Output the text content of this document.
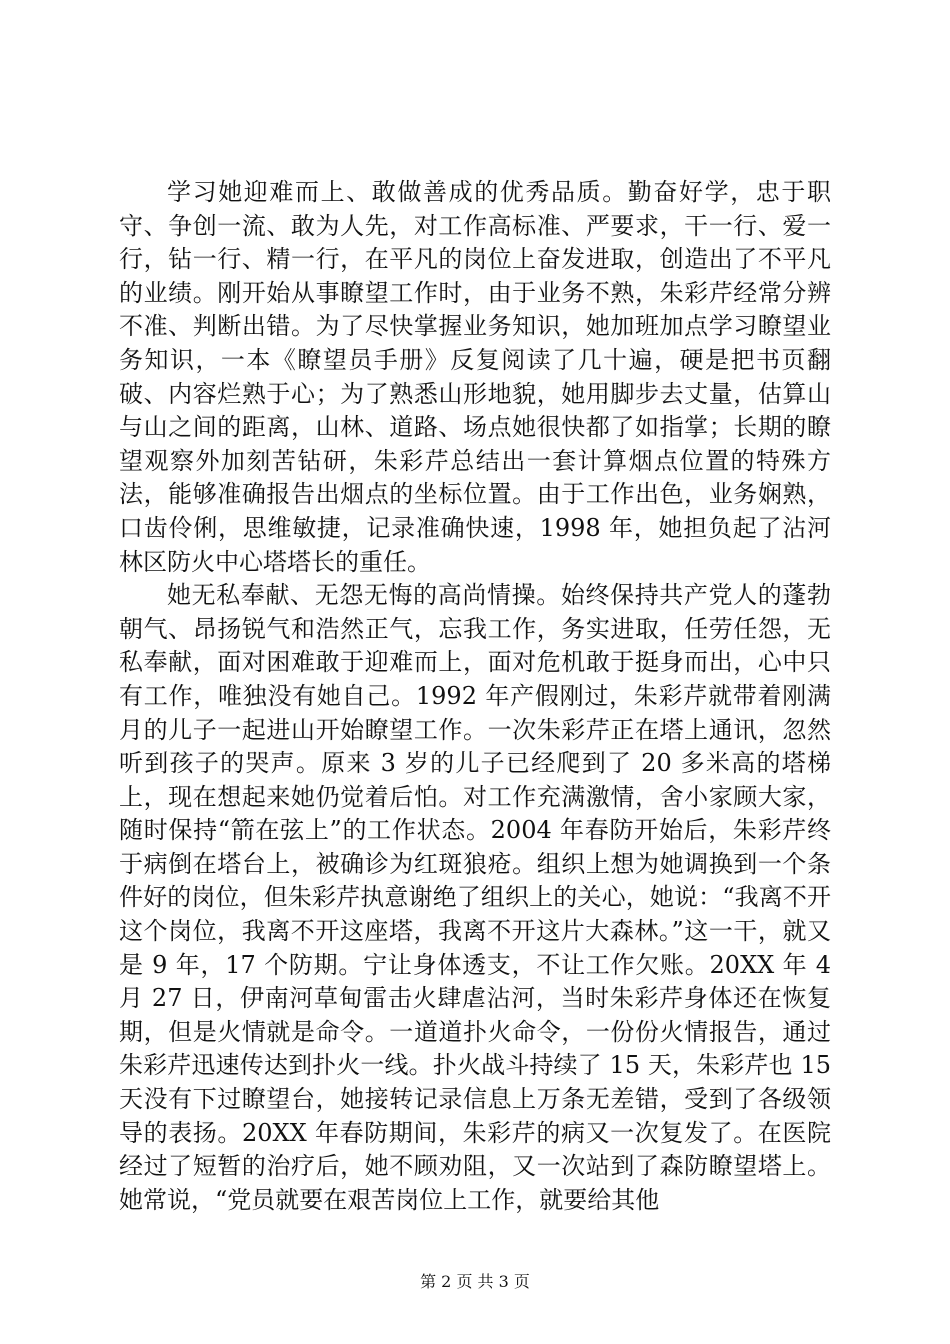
学习她迎难而上、敢做善成的优秀品质。勤奋好学，忠于职守、争创一流、敢为人先，对工作高标准、严要求，干一行、爱一行，钻一行、精一行，在平凡的岗位上奋发进取，创造出了不平凡的业绩。刚开始从事瞭望工作时，由于业务不熟，朱彩芹经常分辨不准、判断出错。为了尽快掌握业务知识，她加班加点学习瞭望业务知识，一本《瞭望员手册》反复阅读了几十遍，硬是把书页翻破、内容烂熟于心；为了熟悉山形地貌，她用脚步去丈量，估算山与山之间的距离，山林、道路、场点她很快都了如指掌；长期的瞭望观察外加刻苦钻研，朱彩芹总结出一套计算烟点位置的特殊方法，能够准确报告出烟点的坐标位置。由于工作出色，业务娴熟，口齿伶俐，思维敏捷，记录准确快速，1998 年，她担负起了沾河林区防火中心塔塔长的重任。

她无私奉献、无怨无悔的高尚情操。始终保持共产党人的蓬勃朝气、昂扬锐气和浩然正气，忘我工作，务实进取，任劳任怨，无私奉献，面对困难敢于迎难而上，面对危机敢于挺身而出，心中只有工作，唯独没有她自己。1992 年产假刚过，朱彩芹就带着刚满月的儿子一起进山开始瞭望工作。一次朱彩芹正在塔上通讯，忽然听到孩子的哭声。原来 3 岁的儿子已经爬到了 20 多米高的塔梯上，现在想起来她仍觉着后怕。对工作充满激情，舍小家顾大家，随时保持“箭在弦上”的工作状态。2004 年春防开始后，朱彩芹终于病倒在塔台上，被确诊为红斑狼疮。组织上想为她调换到一个条件好的岗位，但朱彩芹执意谢绝了组织上的关心，她说：“我离不开这个岗位，我离不开这座塔，我离不开这片大森林。”这一干，就又是 9 年，17 个防期。宁让身体透支，不让工作欠账。20XX 年 4 月 27 日，伊南河草甸雷击火肆虐沾河，当时朱彩芹身体还在恢复期，但是火情就是命令。一道道扑火命令，一份份火情报告，通过朱彩芹迅速传达到扑火一线。扑火战斗持续了 15 天，朱彩芹也 15 天没有下过瞭望台，她接转记录信息上万条无差错，受到了各级领导的表扬。20XX 年春防期间，朱彩芹的病又一次复发了。在医院经过了短暂的治疗后，她不顾劝阻，又一次站到了森防瞭望塔上。她常说，“党员就要在艰苦岗位上工作，就要给其他

第 2 页 共 3 页
